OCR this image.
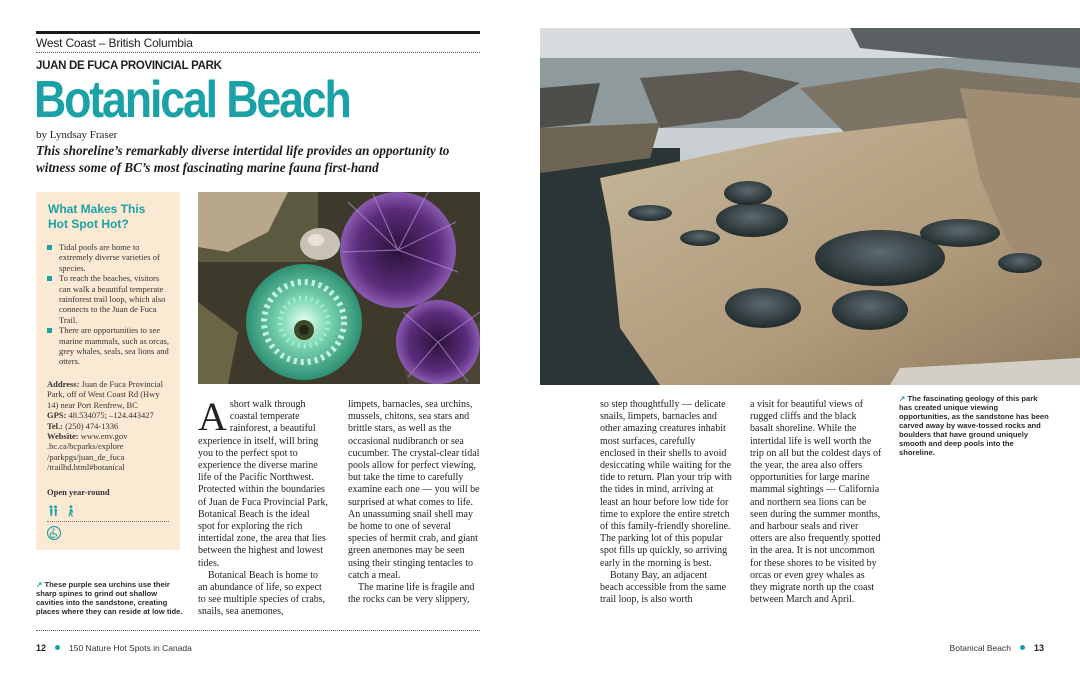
West Coast – British Columbia
JUAN DE FUCA PROVINCIAL PARK
Botanical Beach
by Lyndsay Fraser
This shoreline’s remarkably diverse intertidal life provides an opportunity to witness some of BC’s most fascinating marine fauna first-hand
What Makes This
Hot Spot Hot?
Tidal pools are home to extremely diverse varieties of species.
To reach the beaches, visitors can walk a beautiful temperate rainforest trail loop, which also connects to the Juan de Fuca Trail.
There are opportunities to see marine mammals, such as orcas, grey whales, seals, sea lions and otters.
Address: Juan de Fuca Provincial Park, off of West Coast Rd (Hwy 14) near Port Renfrew, BC
GPS: 48.534075; –124.443427
Tel.: (250) 474-1336
Website: www.env.gov .bc.ca/bcparks/explore /parkpgs/juan_de_fuca /trailhd.html#botanical
Open year-round
↗ These purple sea urchins use their sharp spines to grind out shallow cavities into the sandstone, creating places where they can reside at low tide.

Ashort walk through coastal temperate rainforest, a beautiful experience in itself, will bring you to the perfect spot to experience the diverse marine life of the Pacific Northwest. Protected within the boundaries of Juan de Fuca Provincial Park, Botanical Beach is the ideal spot for exploring the rich intertidal zone, the area that lies between the highest and lowest tides.

Botanical Beach is home to an abundance of life, so expect to see multiple species of crabs, snails, sea anemones,

limpets, barnacles, sea urchins, mussels, chitons, sea stars and brittle stars, as well as the occasional nudibranch or sea cucumber. The crystal-clear tidal pools allow for perfect viewing, but take the time to carefully examine each one — you will be surprised at what comes to life. An unassuming snail shell may be home to one of several species of hermit crab, and giant green anemones may be seen using their stinging tentacles to catch a meal.

The marine life is fragile and the rocks can be very slippery,

so step thoughtfully — delicate snails, limpets, barnacles and other amazing creatures inhabit most surfaces, carefully enclosed in their shells to avoid desiccating while waiting for the tide to return. Plan your trip with the tides in mind, arriving at least an hour before low tide for time to explore the entire stretch of this family-friendly shoreline. The parking lot of this popular spot fills up quickly, so arriving early in the morning is best.

Botany Bay, an adjacent beach accessible from the same trail loop, is also worth

a visit for beautiful views of rugged cliffs and the black basalt shoreline. While the intertidal life is well worth the trip on all but the coldest days of the year, the area also offers opportunities for large marine mammal sightings — California and northern sea lions can be seen during the summer months, and harbour seals and river otters are also frequently spotted in the area. It is not uncommon for these shores to be visited by orcas or even grey whales as they migrate north up the coast between March and April.

↗ The fascinating geology of this park has created unique viewing opportunities, as the sandstone has been carved away by wave-tossed rocks and boulders that have ground uniquely smooth and deep pools into the shoreline.
12	150 Nature Hot Spots in Canada	Botanical Beach	13
